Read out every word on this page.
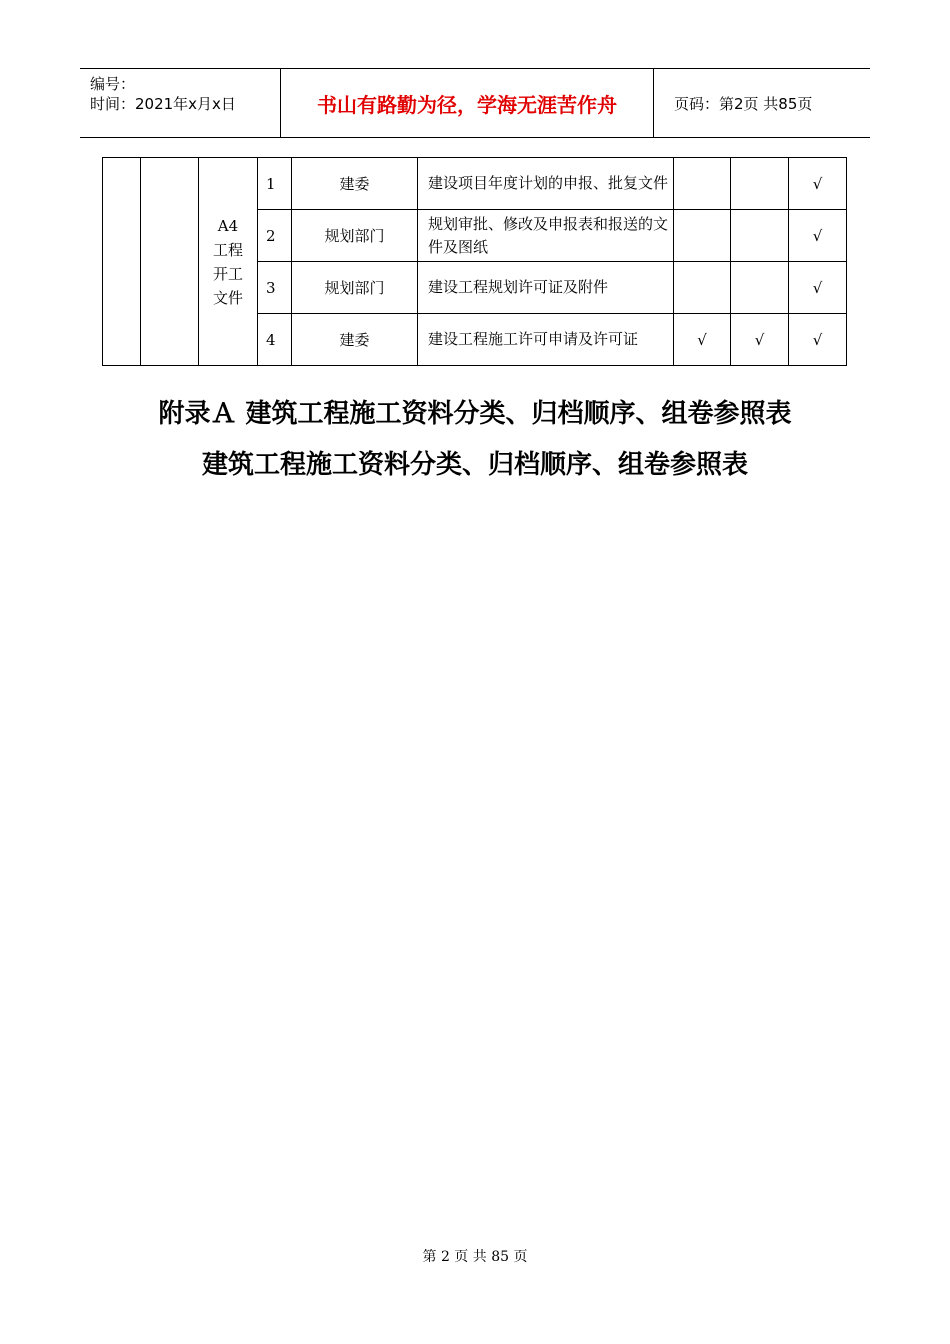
编号：
时间：2021年x月x日	书山有路勤为径，学海无涯苦作舟	页码：第2页 共85页

		A4
工程
开工
文件	1	建委	建设项目年度计划的申报、批复文件			√
			2	规划部门	规划审批、修改及申报表和报送的文件及图纸			√
			3	规划部门	建设工程规划许可证及附件			√
			4	建委	建设工程施工许可申请及许可证	√	√	√
附录Ａ 建筑工程施工资料分类、归档顺序、组卷参照表
建筑工程施工资料分类、归档顺序、组卷参照表
第 2 页 共 85 页
